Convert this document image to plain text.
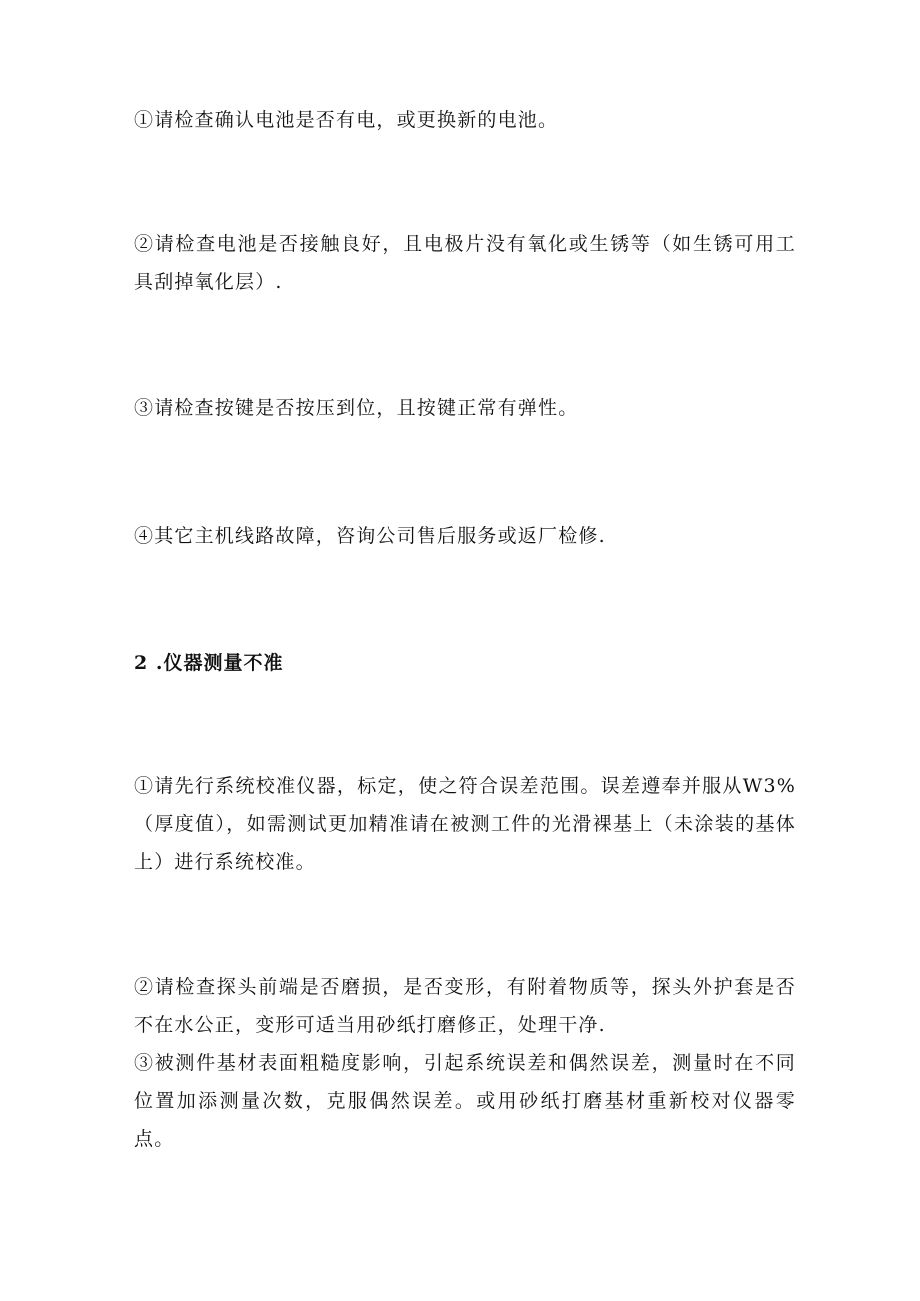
①请检查确认电池是否有电，或更换新的电池。

②请检查电池是否接触良好，且电极片没有氧化或生锈等（如生锈可用工具刮掉氧化层）.

③请检查按键是否按压到位，且按键正常有弹性。

④其它主机线路故障，咨询公司售后服务或返厂检修.

2 .仪器测量不准

①请先行系统校准仪器，标定，使之符合误差范围。误差遵奉并服从W3%（厚度值），如需测试更加精准请在被测工件的光滑裸基上（未涂装的基体上）进行系统校准。

②请检查探头前端是否磨损，是否变形，有附着物质等，探头外护套是否不在水公正，变形可适当用砂纸打磨修正，处理干净.

③被测件基材表面粗糙度影响，引起系统误差和偶然误差，测量时在不同位置加添测量次数，克服偶然误差。或用砂纸打磨基材重新校对仪器零点。
